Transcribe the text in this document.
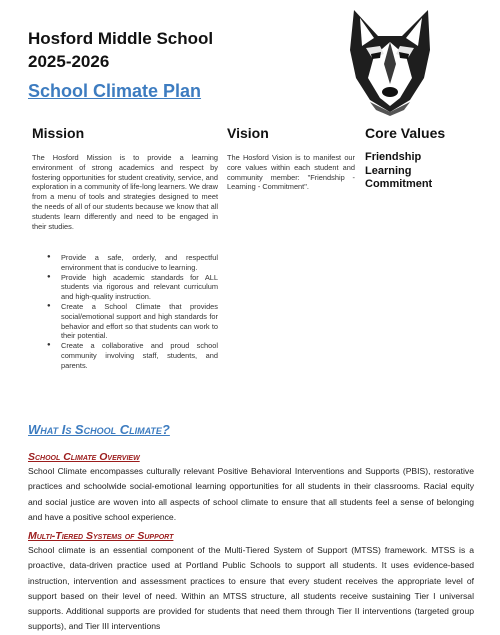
Hosford Middle School
2025-2026
School Climate Plan
Mission	Vision	Core Values

The Hosford Mission is to provide a learning environment of strong academics and respect by fostering opportunities for student creativity, service, and exploration in a community of life-long learners. We draw from a menu of tools and strategies designed to meet the needs of all of our students because we know that all students learn differently and need to be engaged in their studies.

● Provide a safe, orderly, and respectful environment that is conducive to learning.
● Provide high academic standards for ALL students via rigorous and relevant curriculum and high-quality instruction.
● Create a School Climate that provides social/emotional support and high standards for behavior and effort so that students can work to their potential.
● Create a collaborative and proud school community involving staff, students, and parents.

The Hosford Vision is to manifest our core values within each student and community member: "Friendship - Learning - Commitment".

Friendship
Learning
Commitment
What Is School Climate?
School Climate Overview

School Climate encompasses culturally relevant Positive Behavioral Interventions and Supports (PBIS), restorative practices and schoolwide social-emotional learning opportunities for all students in their classrooms. Racial equity and social justice are woven into all aspects of school climate to ensure that all students feel a sense of belonging and have a positive school experience.

Multi-Tiered Systems of Support

School climate is an essential component of the Multi-Tiered System of Support (MTSS) framework. MTSS is a proactive, data-driven practice used at Portland Public Schools to support all students. It uses evidence-based instruction, intervention and assessment practices to ensure that every student receives the appropriate level of support based on their level of need. Within an MTSS structure, all students receive sustaining Tier I universal supports. Additional supports are provided for students that need them through Tier II interventions (targeted group supports), and Tier III interventions
